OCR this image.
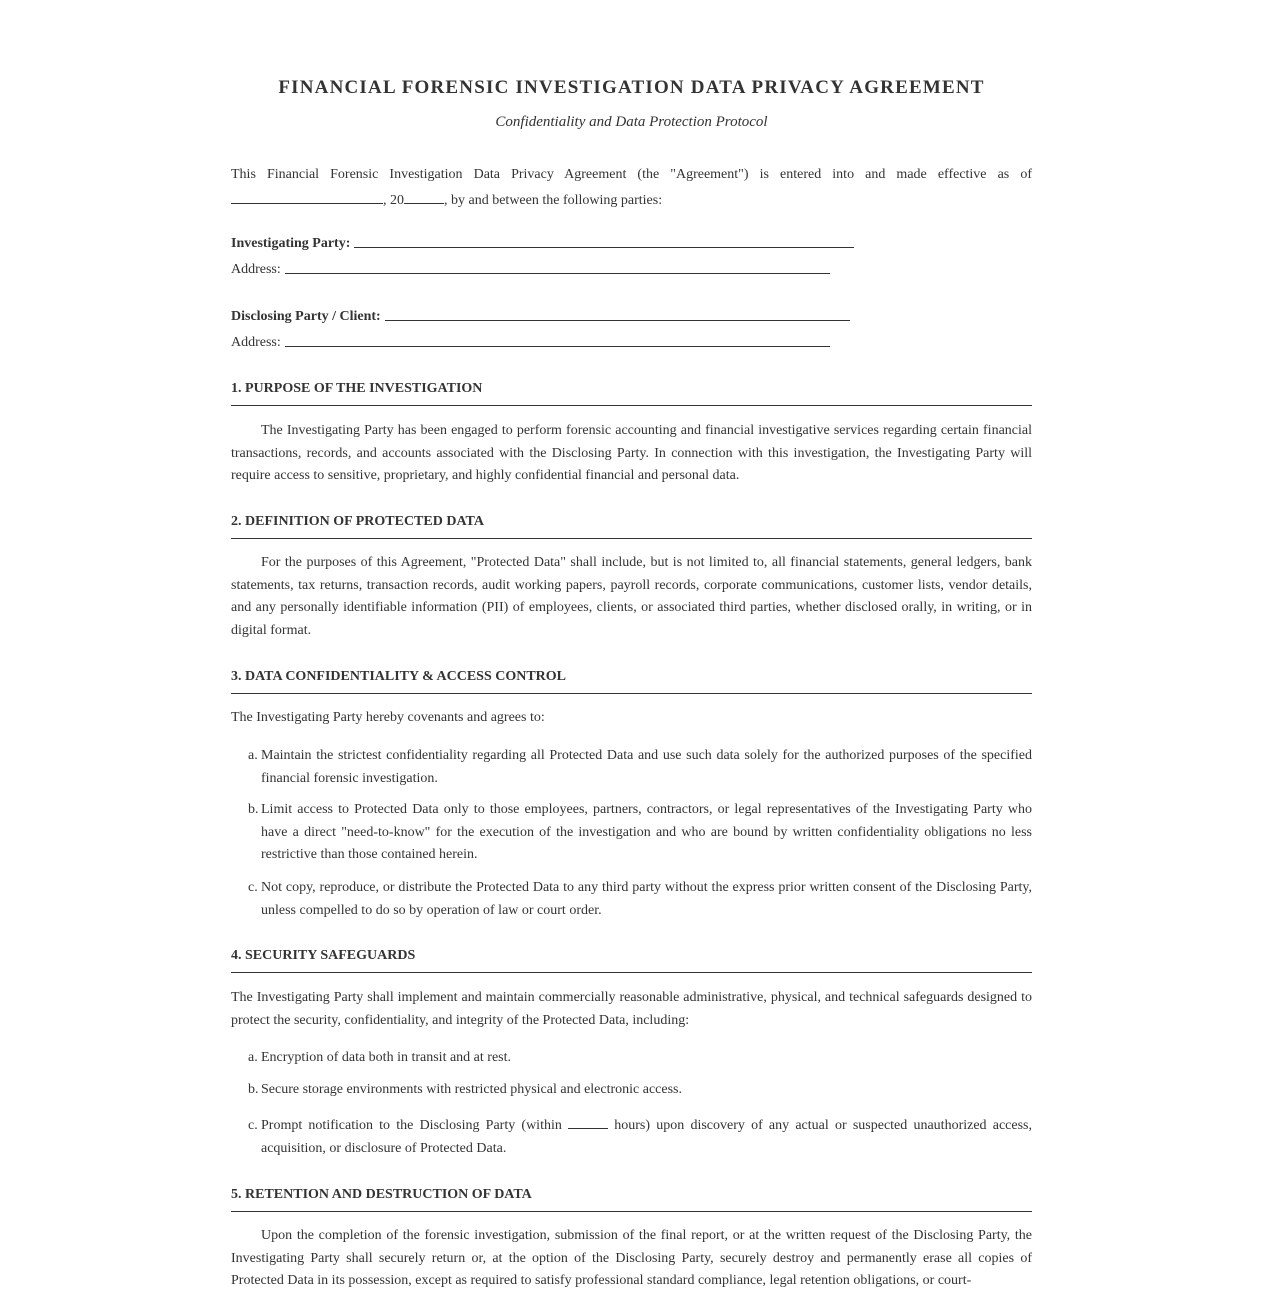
FINANCIAL FORENSIC INVESTIGATION DATA PRIVACY AGREEMENT
Confidentiality and Data Protection Protocol
This Financial Forensic Investigation Data Privacy Agreement (the "Agreement") is entered into and made effective as of
, 20	, by and between the following parties:
Investigating Party:
Address:
Disclosing Party / Client:
Address:
1. PURPOSE OF THE INVESTIGATION
The Investigating Party has been engaged to perform forensic accounting and financial investigative services regarding certain financial transactions, records, and accounts associated with the Disclosing Party. In connection with this investigation, the Investigating Party will require access to sensitive, proprietary, and highly confidential financial and personal data.
2. DEFINITION OF PROTECTED DATA
For the purposes of this Agreement, "Protected Data" shall include, but is not limited to, all financial statements, general ledgers, bank statements, tax returns, transaction records, audit working papers, payroll records, corporate communications, customer lists, vendor details, and any personally identifiable information (PII) of employees, clients, or associated third parties, whether disclosed orally, in writing, or in digital format.
3. DATA CONFIDENTIALITY & ACCESS CONTROL
The Investigating Party hereby covenants and agrees to:
a. Maintain the strictest confidentiality regarding all Protected Data and use such data solely for the authorized purposes of the specified financial forensic investigation.
b. Limit access to Protected Data only to those employees, partners, contractors, or legal representatives of the Investigating Party who have a direct "need-to-know" for the execution of the investigation and who are bound by written confidentiality obligations no less restrictive than those contained herein.
c. Not copy, reproduce, or distribute the Protected Data to any third party without the express prior written consent of the Disclosing Party, unless compelled to do so by operation of law or court order.
4. SECURITY SAFEGUARDS
The Investigating Party shall implement and maintain commercially reasonable administrative, physical, and technical safeguards designed to protect the security, confidentiality, and integrity of the Protected Data, including:
a. Encryption of data both in transit and at rest.
b. Secure storage environments with restricted physical and electronic access.
c. Prompt notification to the Disclosing Party (within	hours) upon discovery of any actual or suspected unauthorized access, acquisition, or disclosure of Protected Data.
5. RETENTION AND DESTRUCTION OF DATA
Upon the completion of the forensic investigation, submission of the final report, or at the written request of the Disclosing Party, the Investigating Party shall securely return or, at the option of the Disclosing Party, securely destroy and permanently erase all copies of Protected Data in its possession, except as required to satisfy professional standard compliance, legal retention obligations, or court-
